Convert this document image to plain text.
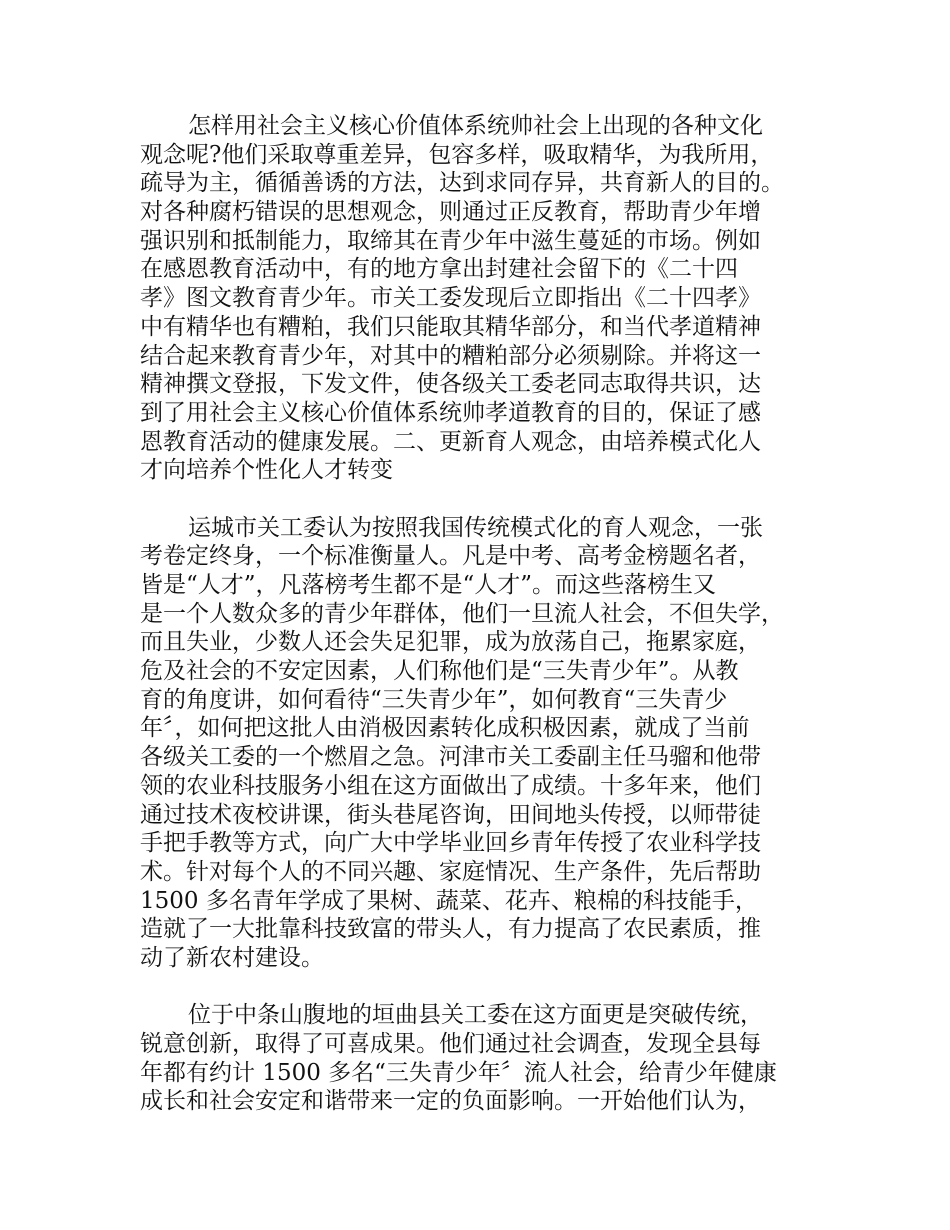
怎样用社会主义核心价值体系统帅社会上出现的各种文化
观念呢?他们采取尊重差异，包容多样，吸取精华，为我所用，
疏导为主，循循善诱的方法，达到求同存异，共育新人的目的。
对各种腐朽错误的思想观念，则通过正反教育，帮助青少年增
强识别和抵制能力，取缔其在青少年中滋生蔓延的市场。例如
在感恩教育活动中，有的地方拿出封建社会留下的《二十四
孝》图文教育青少年。市关工委发现后立即指出《二十四孝》
中有精华也有糟粕，我们只能取其精华部分，和当代孝道精神
结合起来教育青少年，对其中的糟粕部分必须剔除。并将这一
精神撰文登报，下发文件，使各级关工委老同志取得共识，达
到了用社会主义核心价值体系统帅孝道教育的目的，保证了感
恩教育活动的健康发展。二、更新育人观念，由培养模式化人
才向培养个性化人才转变
运城市关工委认为按照我国传统模式化的育人观念，一张
考卷定终身，一个标准衡量人。凡是中考、高考金榜题名者，
皆是“人才”，凡落榜考生都不是“人才”。而这些落榜生又
是一个人数众多的青少年群体，他们一旦流人社会，不但失学，
而且失业，少数人还会失足犯罪，成为放荡自己，拖累家庭，
危及社会的不安定因素，人们称他们是“三失青少年”。从教
育的角度讲，如何看待“三失青少年”，如何教育“三失青少
年〞，如何把这批人由消极因素转化成积极因素，就成了当前
各级关工委的一个燃眉之急。河津市关工委副主任马骝和他带
领的农业科技服务小组在这方面做出了成绩。十多年来，他们
通过技术夜校讲课，街头巷尾咨询，田间地头传授，以师带徒
手把手教等方式，向广大中学毕业回乡青年传授了农业科学技
术。针对每个人的不同兴趣、家庭情况、生产条件，先后帮助
1500 多名青年学成了果树、蔬菜、花卉、粮棉的科技能手，
造就了一大批靠科技致富的带头人，有力提高了农民素质，推
动了新农村建设。
位于中条山腹地的垣曲县关工委在这方面更是突破传统，
锐意创新，取得了可喜成果。他们通过社会调查，发现全县每
年都有约计 1500 多名“三失青少年〞流人社会，给青少年健康
成长和社会安定和谐带来一定的负面影响。一开始他们认为，
